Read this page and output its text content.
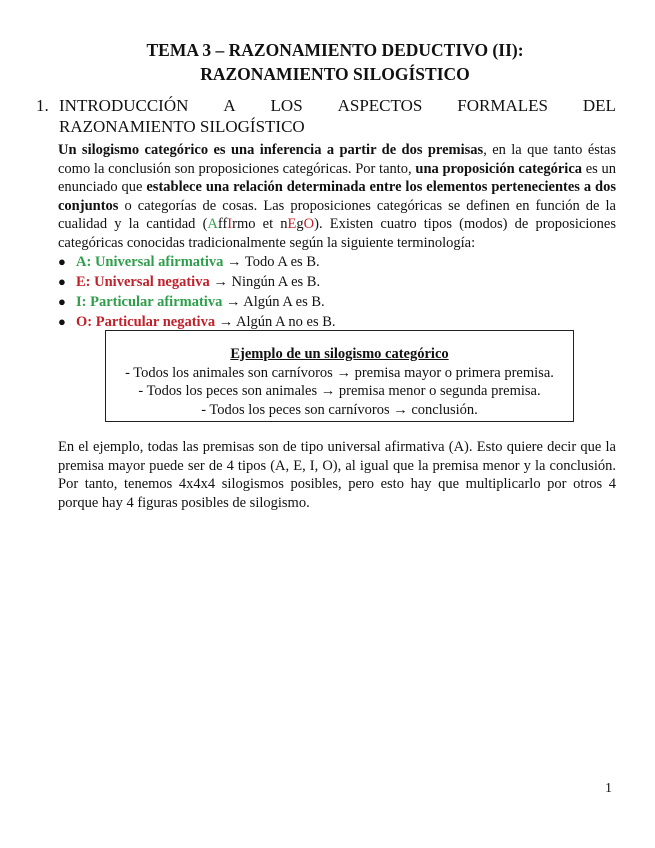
TEMA 3 – RAZONAMIENTO DEDUCTIVO (II):
RAZONAMIENTO SILOGÍSTICO
1. INTRODUCCIÓN A LOS ASPECTOS FORMALES DEL
RAZONAMIENTO SILOGÍSTICO

Un silogismo categórico es una inferencia a partir de dos premisas, en la que tanto éstas como la conclusión son proposiciones categóricas. Por tanto, una proposición categórica es un enunciado que establece una relación determinada entre los elementos pertenecientes a dos conjuntos o categorías de cosas. Las proposiciones categóricas se definen en función de la cualidad y la cantidad (AffIrmo et nEgO). Existen cuatro tipos (modos) de proposiciones categóricas conocidas tradicionalmente según la siguiente terminología:

● A: Universal afirmativa → Todo A es B.
● E: Universal negativa → Ningún A es B.
● I: Particular afirmativa → Algún A es B.
● O: Particular negativa → Algún A no es B.
Ejemplo de un silogismo categórico
- Todos los animales son carnívoros → premisa mayor o primera premisa.
- Todos los peces son animales → premisa menor o segunda premisa.
- Todos los peces son carnívoros → conclusión.

En el ejemplo, todas las premisas son de tipo universal afirmativa (A). Esto quiere decir que la premisa mayor puede ser de 4 tipos (A, E, I, O), al igual que la premisa menor y la conclusión. Por tanto, tenemos 4x4x4 silogismos posibles, pero esto hay que multiplicarlo por otros 4 porque hay 4 figuras posibles de silogismo.

1
